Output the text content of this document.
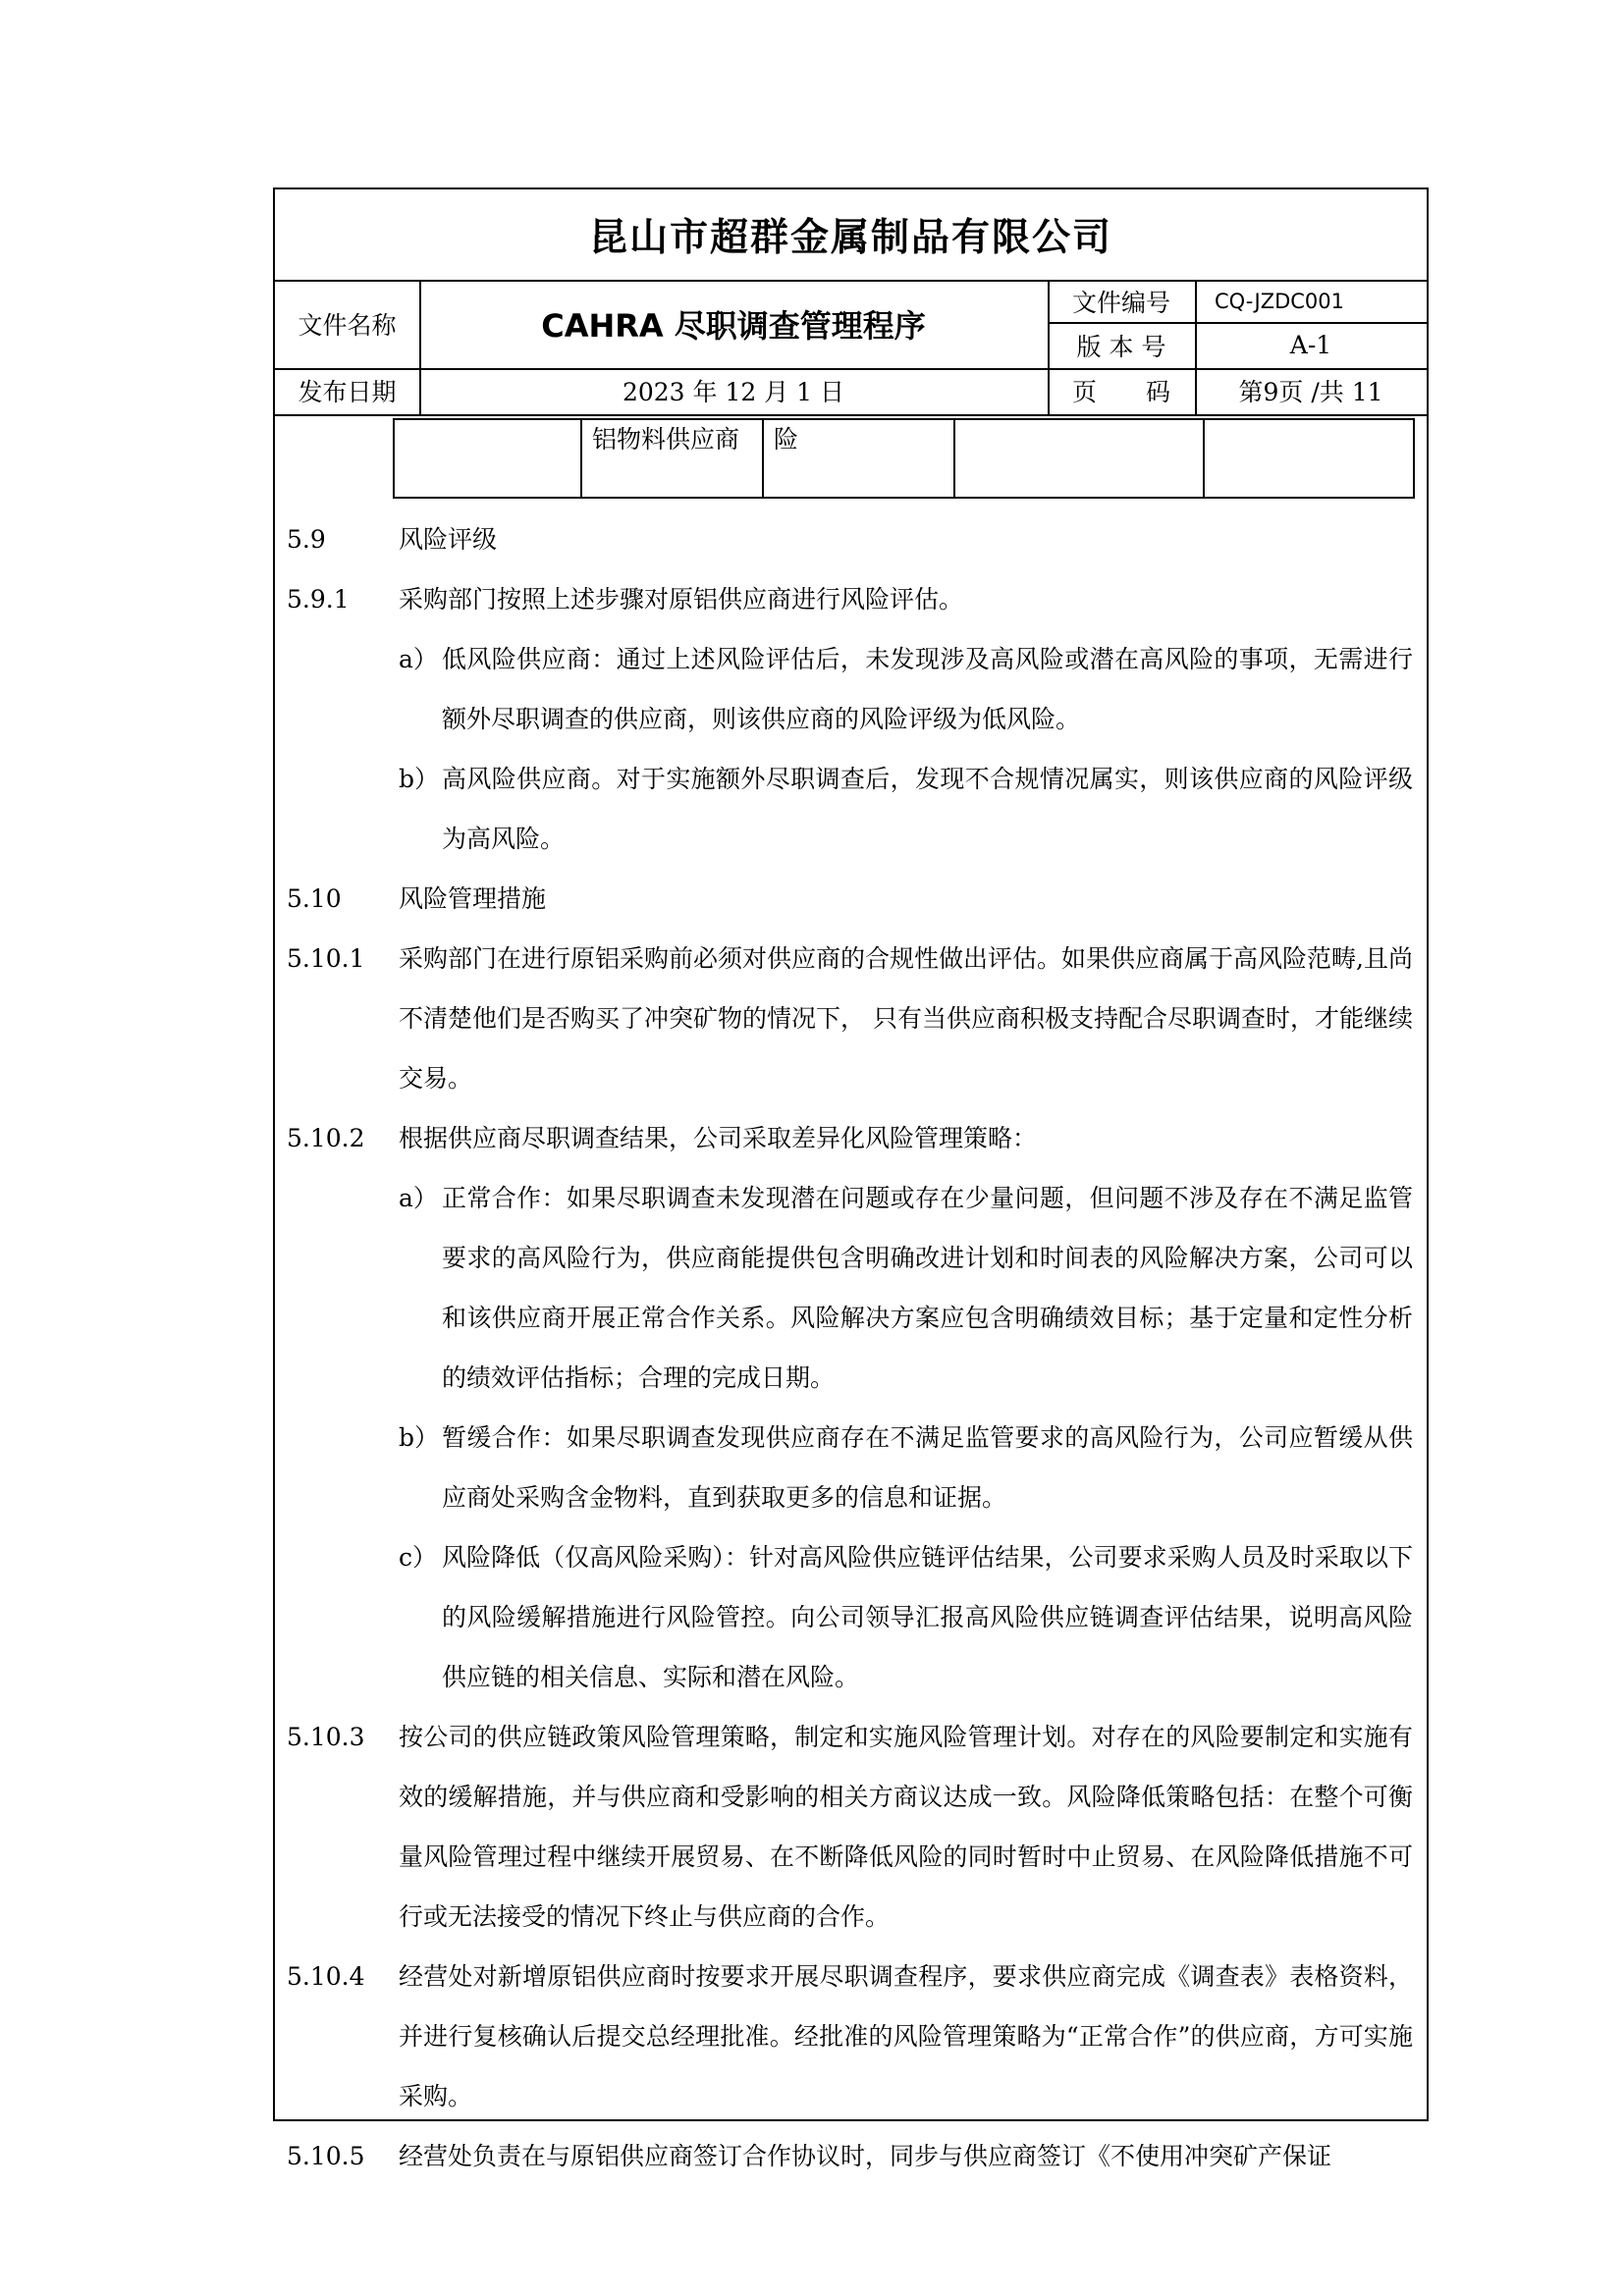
昆山市超群金属制品有限公司
文件名称	CAHRA 尽职调查管理程序
文件编号	CQ-JZDC001
版 本 号	A-1
发布日期	2023 年 12 月 1 日	页　　码	第9页 /共 11
铝物料供应商	险
5.9	风险评级
5.9.1 采购部门按照上述步骤对原铝供应商进行风险评估。
a） 低风险供应商：通过上述风险评估后，未发现涉及高风险或潜在高风险的事项，无需进行额外尽职调查的供应商，则该供应商的风险评级为低风险。
b） 高风险供应商。对于实施额外尽职调查后，发现不合规情况属实，则该供应商的风险评级为高风险。
5.10 风险管理措施
5.10.1 采购部门在进行原铝采购前必须对供应商的合规性做出评估。如果供应商属于高风险范畴,且尚不清楚他们是否购买了冲突矿物的情况下， 只有当供应商积极支持配合尽职调查时，才能继续交易。
5.10.2 根据供应商尽职调查结果，公司采取差异化风险管理策略：
a） 正常合作：如果尽职调查未发现潜在问题或存在少量问题，但问题不涉及存在不满足监管要求的高风险行为，供应商能提供包含明确改进计划和时间表的风险解决方案，公司可以和该供应商开展正常合作关系。风险解决方案应包含明确绩效目标；基于定量和定性分析的绩效评估指标；合理的完成日期。
b） 暂缓合作：如果尽职调查发现供应商存在不满足监管要求的高风险行为，公司应暂缓从供应商处采购含金物料，直到获取更多的信息和证据。
c） 风险降低（仅高风险采购）：针对高风险供应链评估结果，公司要求采购人员及时采取以下的风险缓解措施进行风险管控。向公司领导汇报高风险供应链调查评估结果，说明高风险供应链的相关信息、实际和潜在风险。
5.10.3 按公司的供应链政策风险管理策略，制定和实施风险管理计划。对存在的风险要制定和实施有效的缓解措施，并与供应商和受影响的相关方商议达成一致。风险降低策略包括：在整个可衡量风险管理过程中继续开展贸易、在不断降低风险的同时暂时中止贸易、在风险降低措施不可行或无法接受的情况下终止与供应商的合作。
5.10.4 经营处对新增原铝供应商时按要求开展尽职调查程序，要求供应商完成《调查表》表格资料，并进行复核确认后提交总经理批准。经批准的风险管理策略为“正常合作”的供应商，方可实施采购。
5.10.5 经营处负责在与原铝供应商签订合作协议时，同步与供应商签订《不使用冲突矿产保证
